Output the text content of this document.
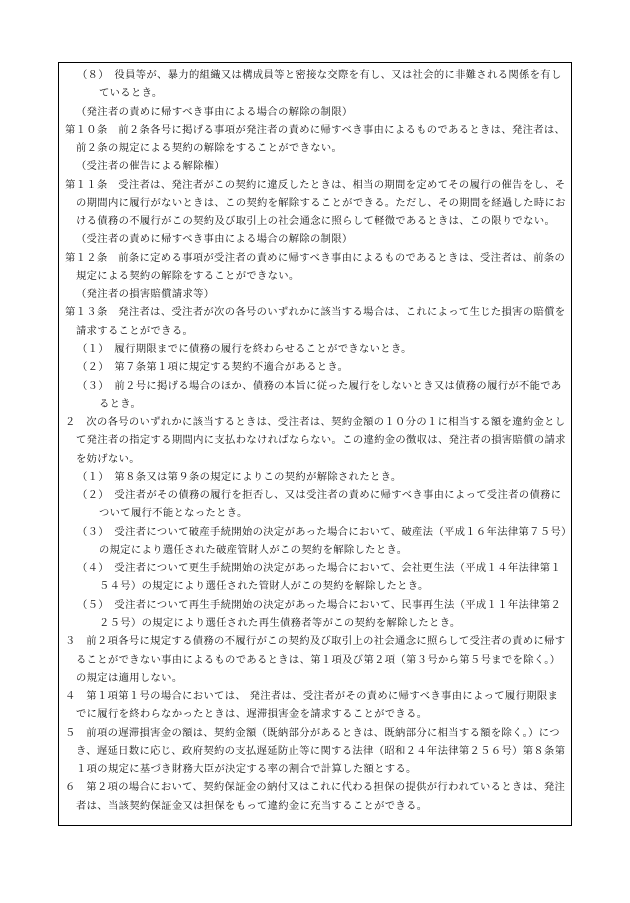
（８）　役員等が、暴力的組織又は構成員等と密接な交際を有し、又は社会的に非難される関係を有しているとき。

（発注者の責めに帰すべき事由による場合の解除の制限）

第１０条　前２条各号に掲げる事項が発注者の責めに帰すべき事由によるものであるときは、発注者は、前２条の規定による契約の解除をすることができない。

（受注者の催告による解除権）

第１１条　受注者は、発注者がこの契約に違反したときは、相当の期間を定めてその履行の催告をし、その期間内に履行がないときは、この契約を解除することができる。ただし、その期間を経過した時における債務の不履行がこの契約及び取引上の社会通念に照らして軽微であるときは、この限りでない。

（受注者の責めに帰すべき事由による場合の解除の制限）

第１２条　前条に定める事項が受注者の責めに帰すべき事由によるものであるときは、受注者は、前条の規定による契約の解除をすることができない。

（発注者の損害賠償請求等）

第１３条　発注者は、受注者が次の各号のいずれかに該当する場合は、これによって生じた損害の賠償を請求することができる。

（１）　履行期限までに債務の履行を終わらせることができないとき。

（２）　第７条第１項に規定する契約不適合があるとき。

（３）　前２号に掲げる場合のほか、債務の本旨に従った履行をしないとき又は債務の履行が不能であるとき。

２　次の各号のいずれかに該当するときは、受注者は、契約金額の１０分の１に相当する額を違約金として発注者の指定する期間内に支払わなければならない。この違約金の徴収は、発注者の損害賠償の請求を妨げない。

（１）　第８条又は第９条の規定によりこの契約が解除されたとき。

（２）　受注者がその債務の履行を拒否し、又は受注者の責めに帰すべき事由によって受注者の債務について履行不能となったとき。

（３）　受注者について破産手続開始の決定があった場合において、破産法（平成１６年法律第７５号）の規定により選任された破産管財人がこの契約を解除したとき。

（４）　受注者について更生手続開始の決定があった場合において、会社更生法（平成１４年法律第１５４号）の規定により選任された管財人がこの契約を解除したとき。

（５）　受注者について再生手続開始の決定があった場合において、民事再生法（平成１１年法律第２２５号）の規定により選任された再生債務者等がこの契約を解除したとき。

３　前２項各号に規定する債務の不履行がこの契約及び取引上の社会通念に照らして受注者の責めに帰することができない事由によるものであるときは、第１項及び第２項（第３号から第５号までを除く。）の規定は適用しない。

４　第１項第１号の場合においては、 発注者は、受注者がその責めに帰すべき事由によって履行期限までに履行を終わらなかったときは、遅滞損害金を請求することができる。

５　前項の遅滞損害金の額は、契約金額（既納部分があるときは、既納部分に相当する額を除く。）につき、遅延日数に応じ、政府契約の支払遅延防止等に関する法律（昭和２４年法律第２５６号）第８条第１項の規定に基づき財務大臣が決定する率の割合で計算した額とする。

６　第２項の場合において、契約保証金の納付又はこれに代わる担保の提供が行われているときは、発注者は、当該契約保証金又は担保をもって違約金に充当することができる。
